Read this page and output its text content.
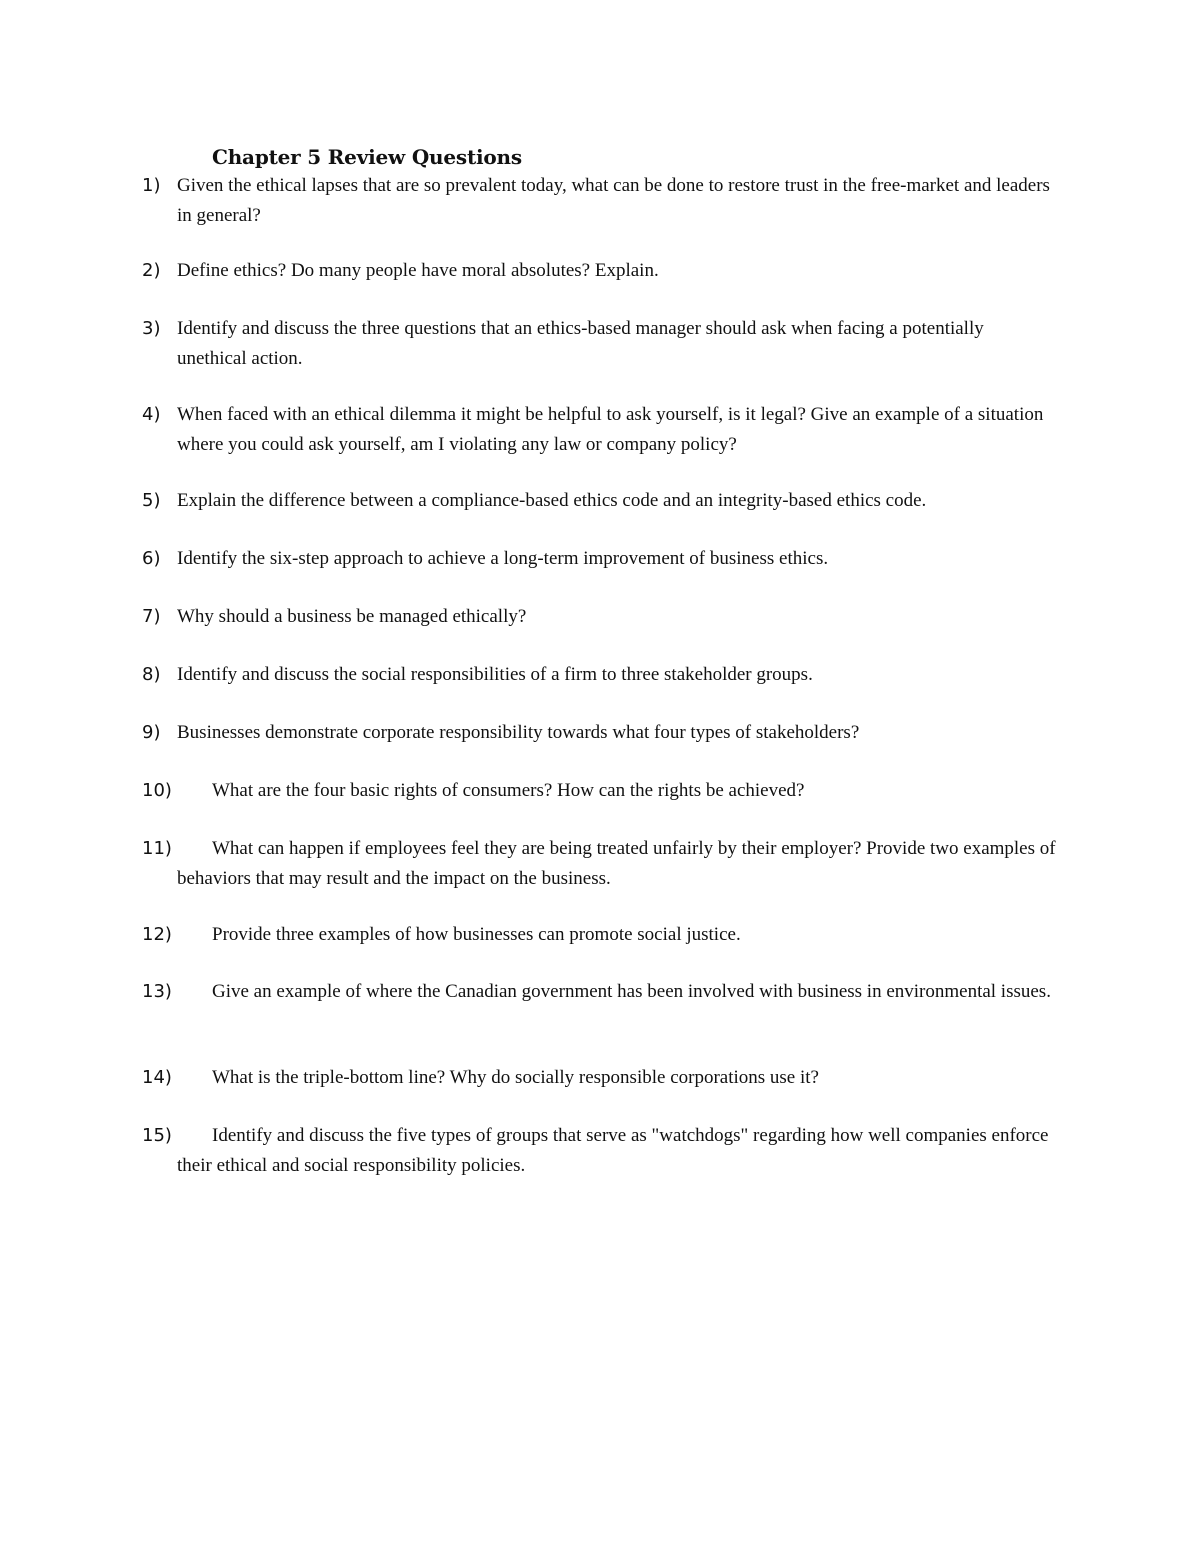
Chapter 5 Review Questions
1) Given the ethical lapses that are so prevalent today, what can be done to restore trust in the free-market and leaders in general?
2) Define ethics? Do many people have moral absolutes? Explain.
3) Identify and discuss the three questions that an ethics-based manager should ask when facing a potentially unethical action.
4) When faced with an ethical dilemma it might be helpful to ask yourself, is it legal? Give an example of a situation where you could ask yourself, am I violating any law or company policy?
5) Explain the difference between a compliance-based ethics code and an integrity-based ethics code.
6) Identify the six-step approach to achieve a long-term improvement of business ethics.
7) Why should a business be managed ethically?
8) Identify and discuss the social responsibilities of a firm to three stakeholder groups.
9) Businesses demonstrate corporate responsibility towards what four types of stakeholders?
10)	What are the four basic rights of consumers? How can the rights be achieved?
11)	What can happen if employees feel they are being treated unfairly by their employer? Provide two examples of behaviors that may result and the impact on the business.
12)	Provide three examples of how businesses can promote social justice.
13)	Give an example of where the Canadian government has been involved with business in environmental issues.
14)	What is the triple-bottom line? Why do socially responsible corporations use it?
15)	Identify and discuss the five types of groups that serve as "watchdogs" regarding how well companies enforce their ethical and social responsibility policies.
